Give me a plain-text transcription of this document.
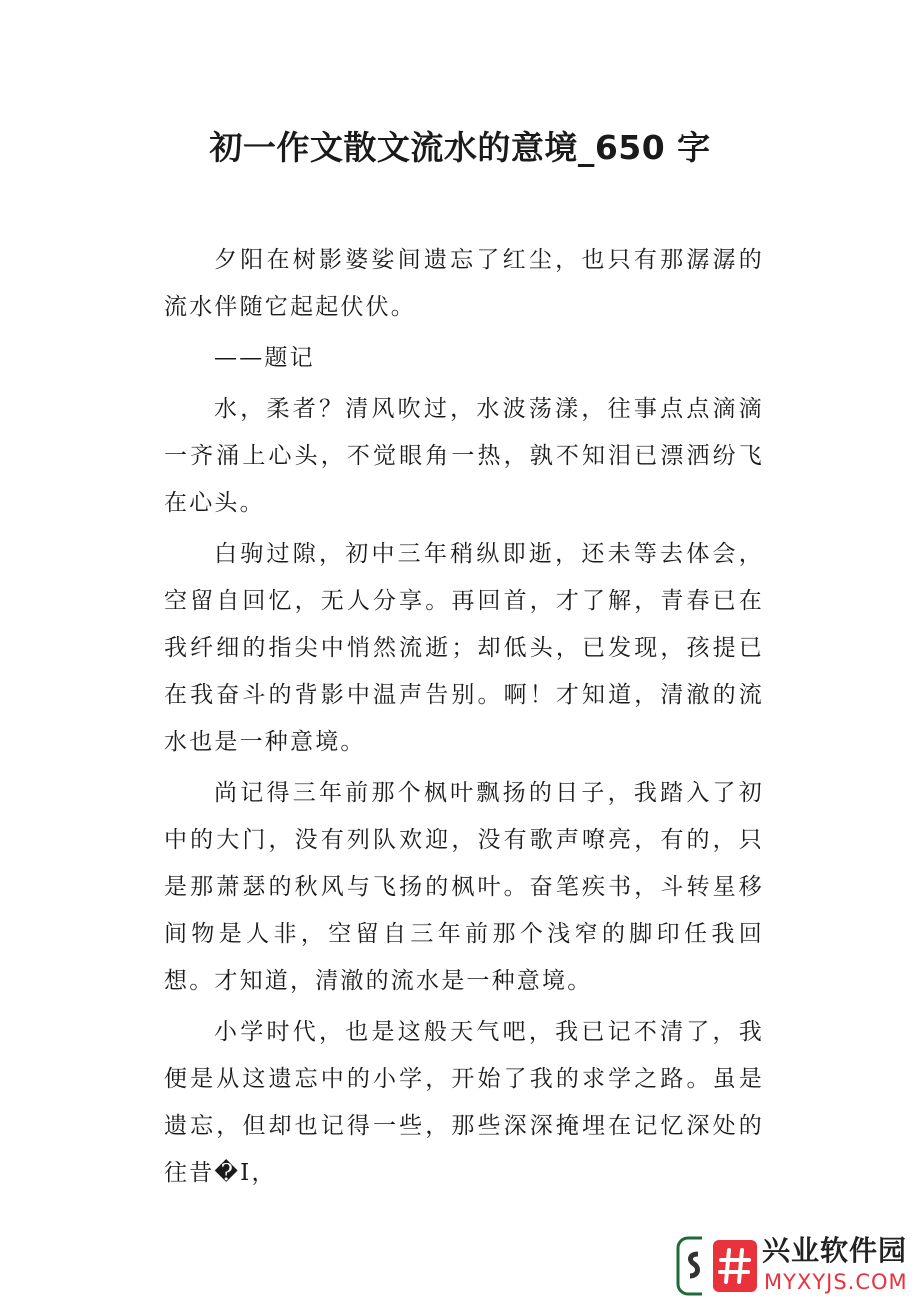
初一作文散文流水的意境_650 字

夕阳在树影婆娑间遗忘了红尘，也只有那潺潺的流水伴随它起起伏伏。

——题记

水，柔者？清风吹过，水波荡漾，往事点点滴滴一齐涌上心头，不觉眼角一热，孰不知泪已漂洒纷飞在心头。

白驹过隙，初中三年稍纵即逝，还未等去体会，空留自回忆，无人分享。再回首，才了解，青春已在我纤细的指尖中悄然流逝；却低头，已发现，孩提已在我奋斗的背影中温声告别。啊！才知道，清澈的流水也是一种意境。

尚记得三年前那个枫叶飘扬的日子，我踏入了初中的大门，没有列队欢迎，没有歌声嘹亮，有的，只是那萧瑟的秋风与飞扬的枫叶。奋笔疾书，斗转星移间物是人非，空留自三年前那个浅窄的脚印任我回想。才知道，清澈的流水是一种意境。

小学时代，也是这般天气吧，我已记不清了，我便是从这遗忘中的小学，开始了我的求学之路。虽是遗忘，但却也记得一些，那些深深掩埋在记忆深处的往昔�Ⅰ，

兴业软件园
MYXYJS.COM
